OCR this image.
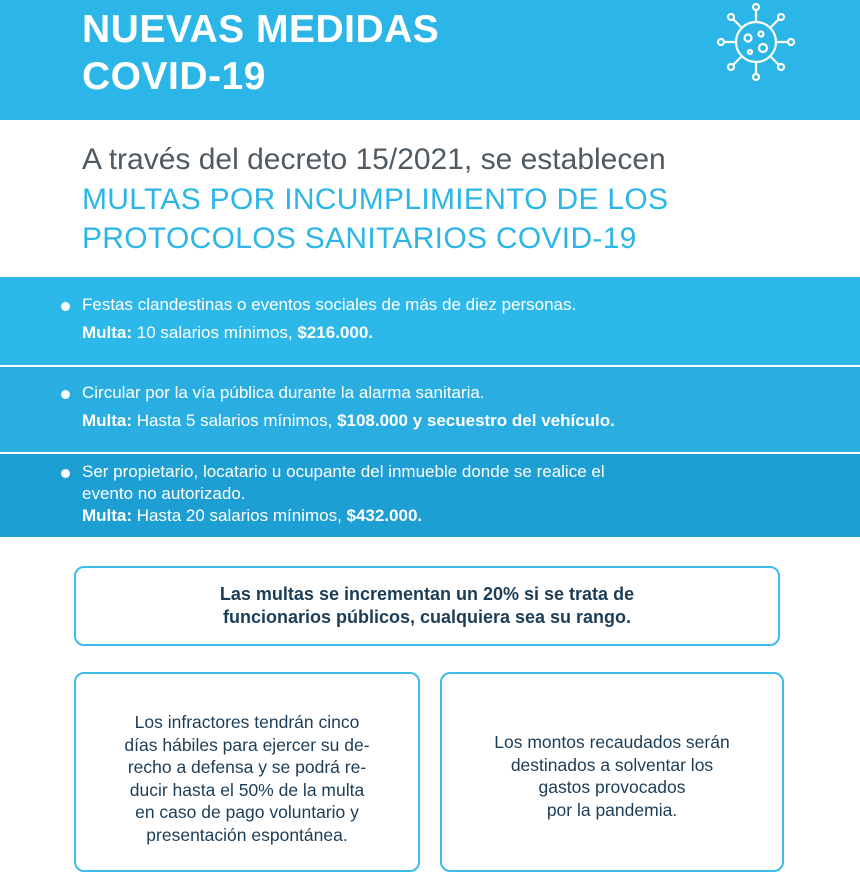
NUEVAS MEDIDAS
COVID-19

A través del decreto 15/2021, se establecen

MULTAS POR INCUMPLIMIENTO DE LOS
PROTOCOLOS SANITARIOS COVID-19

Festas clandestinas o eventos sociales de más de diez personas.

Multa: 10 salarios mínimos, $216.000.

Circular por la vía pública durante la alarma sanitaria.

Multa: Hasta 5 salarios mínimos, $108.000 y secuestro del vehículo.

Ser propietario, locatario u ocupante del inmueble donde se realice el
evento no autorizado.

Multa: Hasta 20 salarios mínimos, $432.000.

Las multas se incrementan un 20% si se trata de
funcionarios públicos, cualquiera sea su rango.

Los infractores tendrán cinco
días hábiles para ejercer su de-
recho a defensa y se podrá re-
ducir hasta el 50% de la multa
en caso de pago voluntario y
presentación espontánea.

Los montos recaudados serán
destinados a solventar los
gastos provocados
por la pandemia.
